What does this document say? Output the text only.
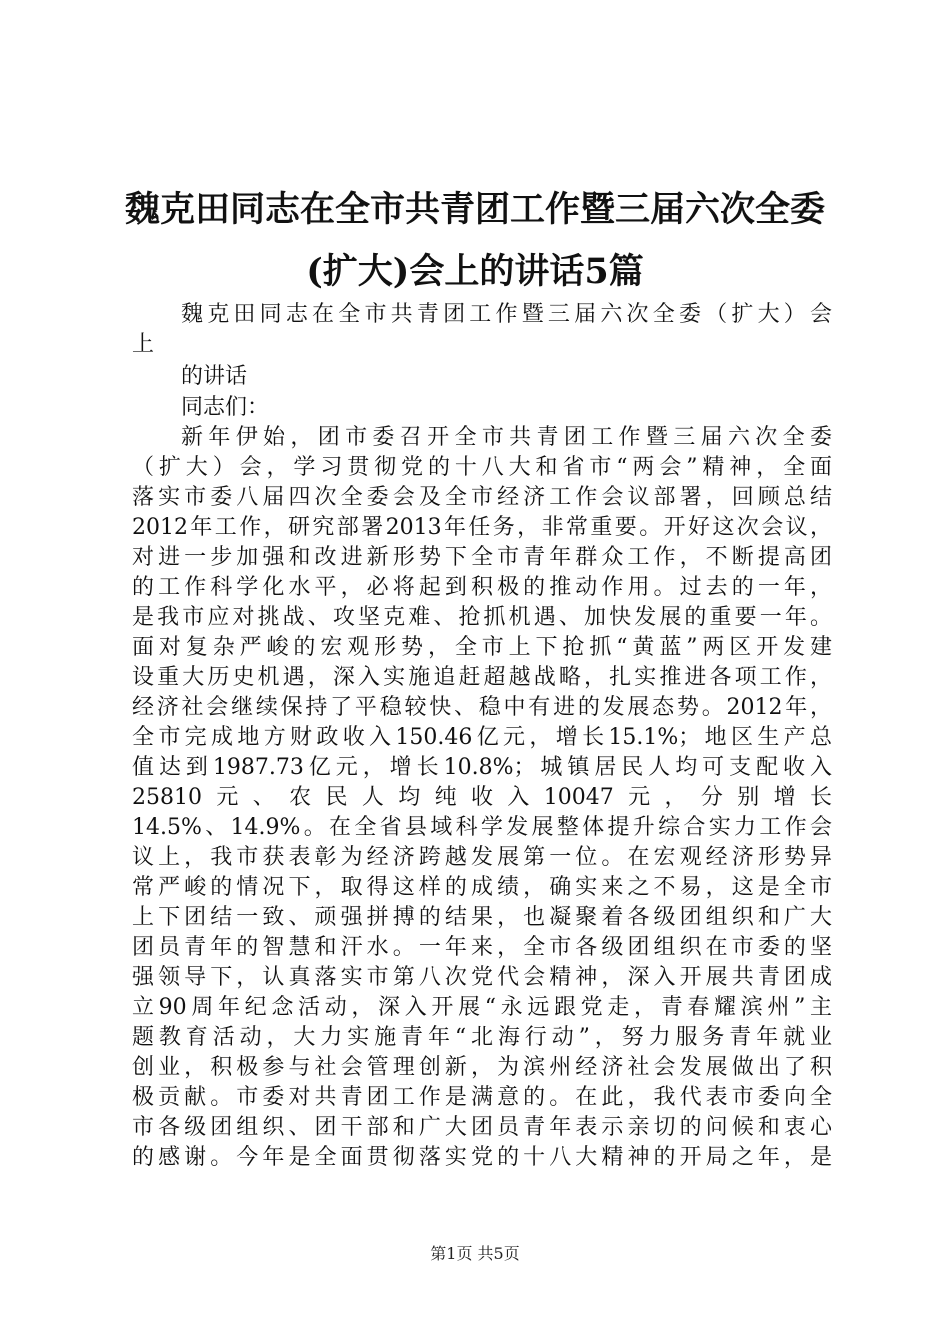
魏克田同志在全市共青团工作暨三届六次全委
(扩大)会上的讲话5篇
魏克田同志在全市共青团工作暨三届六次全委（扩大）会
上
的讲话
同志们：
新年伊始，团市委召开全市共青团工作暨三届六次全委
（扩大）会，学习贯彻党的十八大和省市“两会”精神，全面
落实市委八届四次全委会及全市经济工作会议部署，回顾总结
2012年工作，研究部署2013年任务，非常重要。开好这次会议，
对进一步加强和改进新形势下全市青年群众工作，不断提高团
的工作科学化水平，必将起到积极的推动作用。过去的一年，
是我市应对挑战、攻坚克难、抢抓机遇、加快发展的重要一年。
面对复杂严峻的宏观形势，全市上下抢抓“黄蓝”两区开发建
设重大历史机遇，深入实施追赶超越战略，扎实推进各项工作，
经济社会继续保持了平稳较快、稳中有进的发展态势。2012年，
全市完成地方财政收入150.46亿元，增长15.1%；地区生产总
值达到1987.73亿元，增长10.8%；城镇居民人均可支配收入
25810元、农民人均纯收入10047元，分别增长
14.5%、14.9%。在全省县域科学发展整体提升综合实力工作会
议上，我市获表彰为经济跨越发展第一位。在宏观经济形势异
常严峻的情况下，取得这样的成绩，确实来之不易，这是全市
上下团结一致、顽强拼搏的结果，也凝聚着各级团组织和广大
团员青年的智慧和汗水。一年来，全市各级团组织在市委的坚
强领导下，认真落实市第八次党代会精神，深入开展共青团成
立90周年纪念活动，深入开展“永远跟党走，青春耀滨州”主
题教育活动，大力实施青年“北海行动”，努力服务青年就业
创业，积极参与社会管理创新，为滨州经济社会发展做出了积
极贡献。市委对共青团工作是满意的。在此，我代表市委向全
市各级团组织、团干部和广大团员青年表示亲切的问候和衷心
的感谢。今年是全面贯彻落实党的十八大精神的开局之年，是
第1页 共5页
